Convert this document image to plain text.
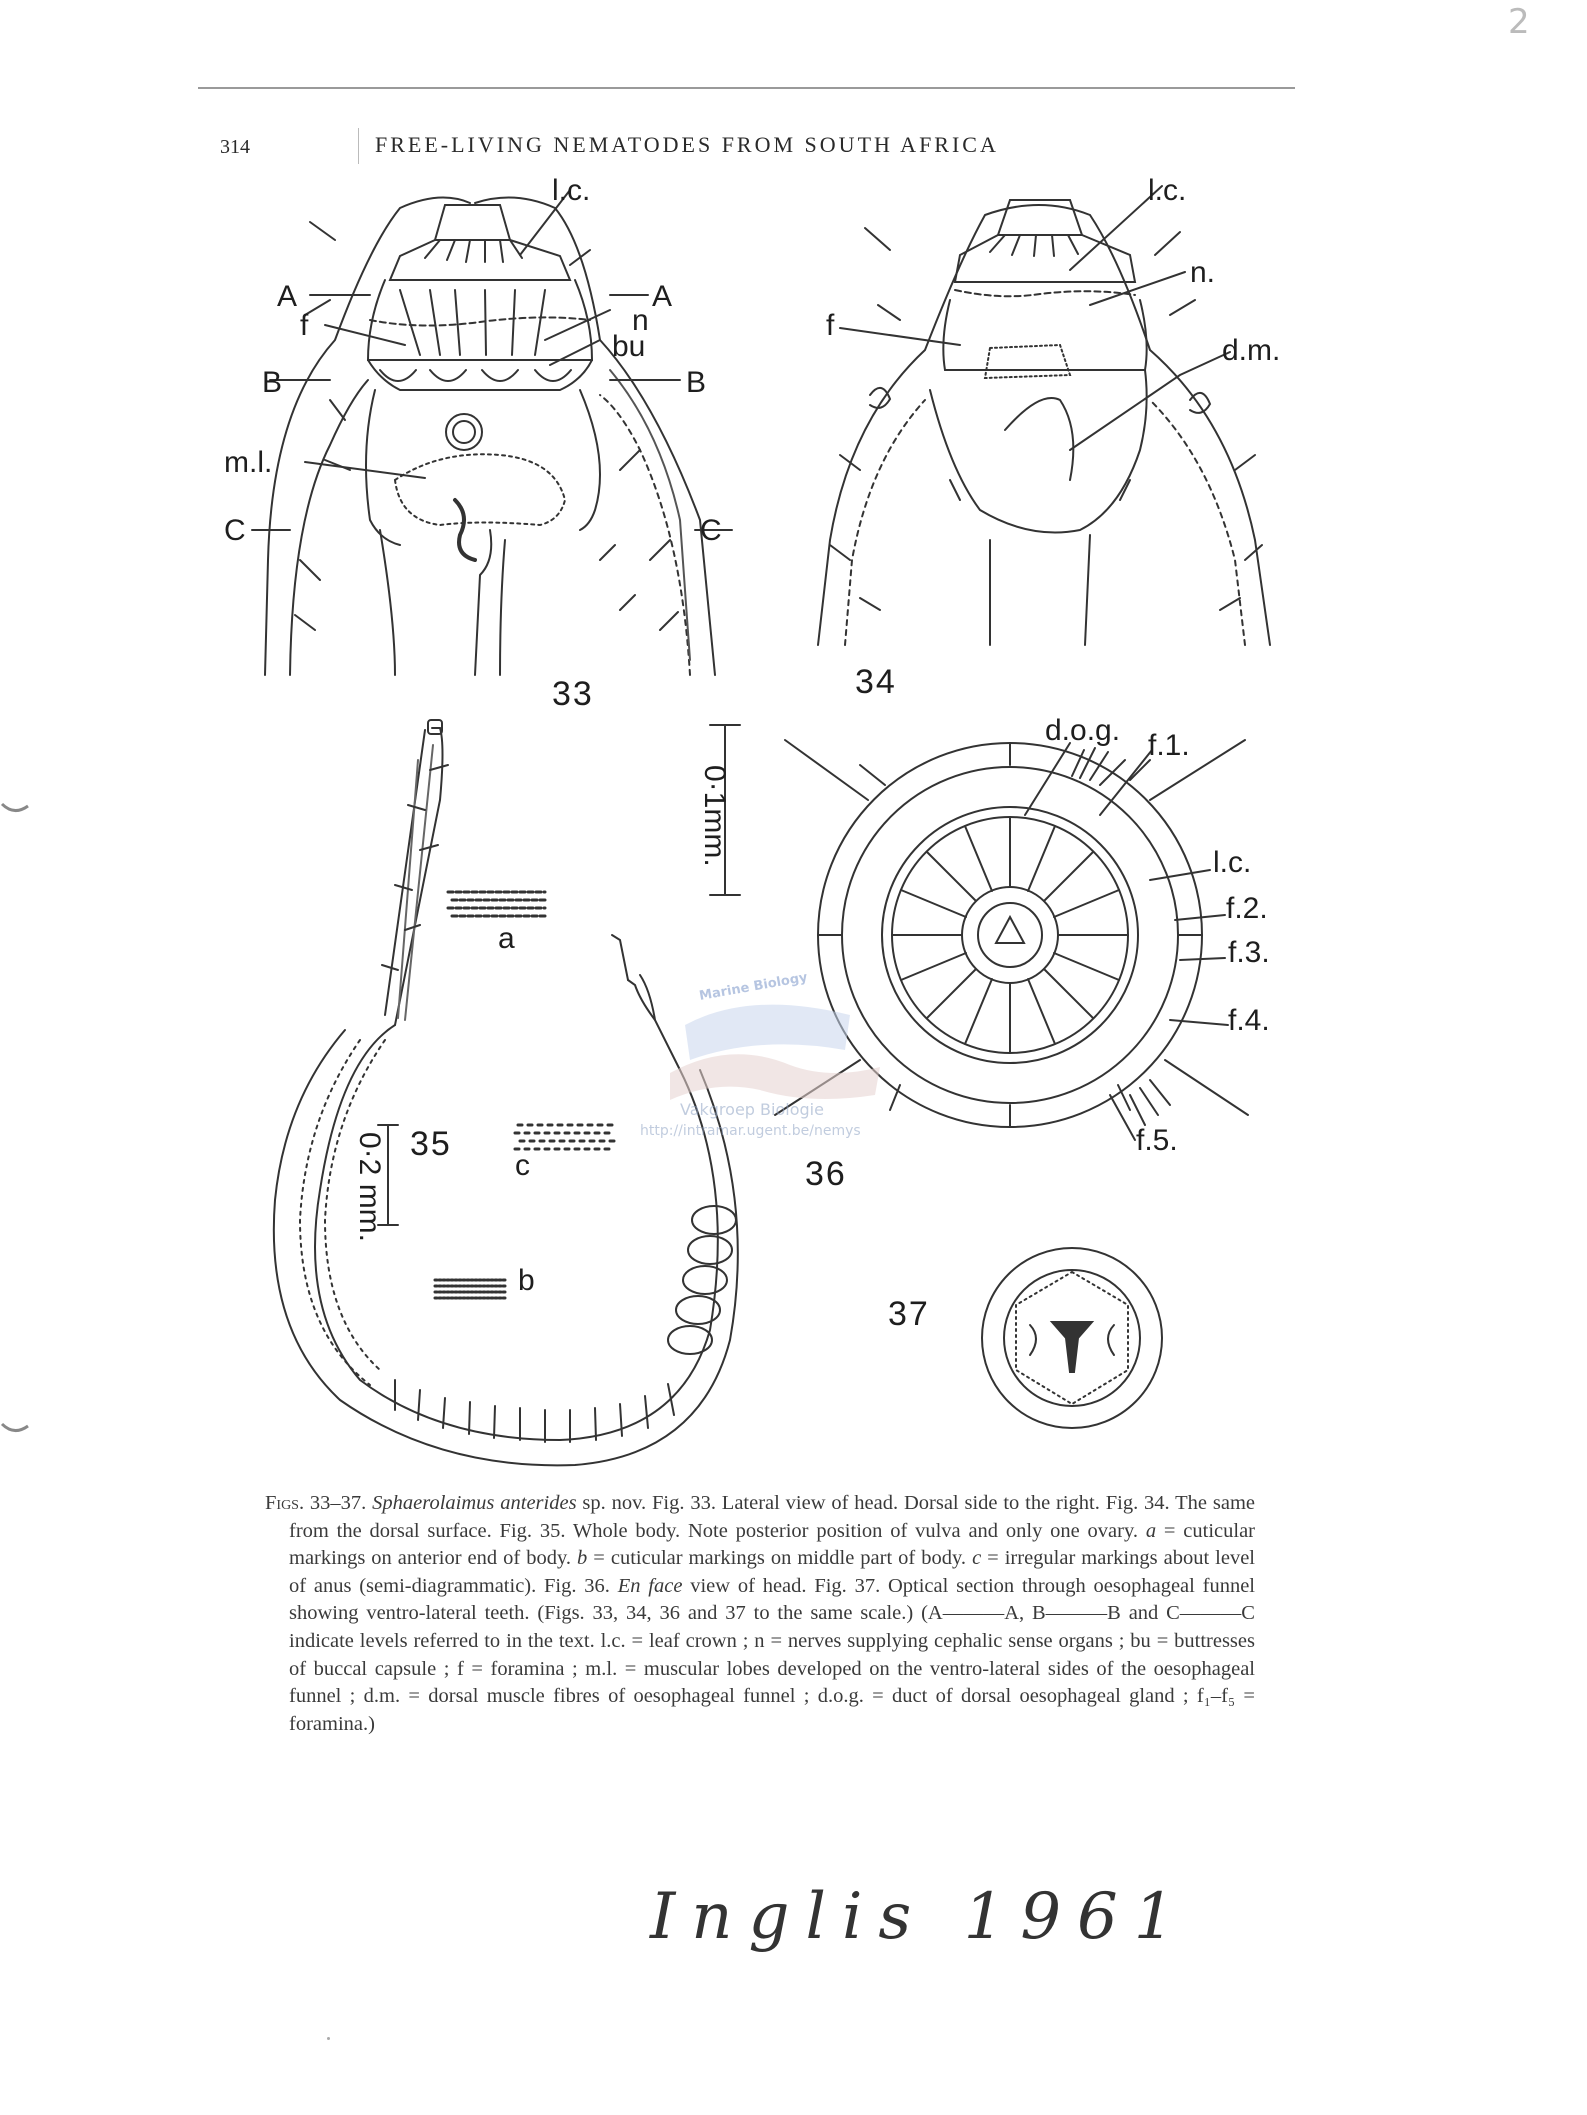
314	FREE-LIVING NEMATODES FROM SOUTH AFRICA
2
l.c.
A	A
f	n
bu
B	B
m.l.
C	C
33
l.c.
n.
f
d.m.
34
0·1mm.
0·2 mm.
a
c
b
35
d.o.g. f.1.
l.c.
f.2.
f.3.
f.4.
f.5.
36
37
Marine Biology
Vakgroep Biologie
http://intramar.ugent.be/nemys

Figs. 33–37. Sphaerolaimus anterides sp. nov. Fig. 33. Lateral view of head. Dorsal side to the right. Fig. 34. The same from the dorsal surface. Fig. 35. Whole body. Note posterior position of vulva and only one ovary. a = cuticular markings on anterior end of body. b = cuticular markings on middle part of body. c = irregular markings about level of anus (semi-diagrammatic). Fig. 36. En face view of head. Fig. 37. Optical section through oesophageal funnel showing ventro-lateral teeth. (Figs. 33, 34, 36 and 37 to the same scale.) (A———A, B———B and C———C indicate levels referred to in the text. l.c. = leaf crown ; n = nerves supplying cephalic sense organs ; bu = buttresses of buccal capsule ; f = foramina ; m.l. = muscular lobes developed on the ventro-lateral sides of the oesophageal funnel ; d.m. = dorsal muscle fibres of oesophageal funnel ; d.o.g. = duct of dorsal oesophageal gland ; f₁–f₅ = foramina.)

Inglis 1961
